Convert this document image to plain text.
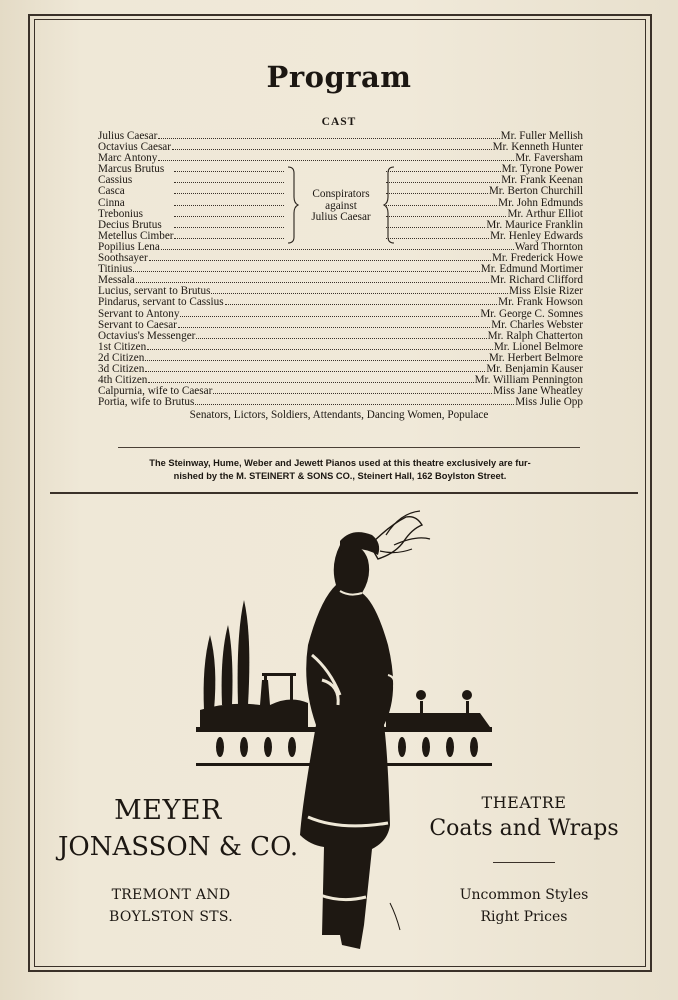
Program
CAST
Julius Caesar	Mr. Fuller Mellish
Octavius Caesar	Mr. Kenneth Hunter
Marc Antony	Mr. Faversham
Marcus Brutus	Mr. Tyrone Power
Cassius	Mr. Frank Keenan
Casca	Mr. Berton Churchill
Cinna	Mr. John Edmunds
Trebonius	Mr. Arthur Elliot
Decius Brutus	Mr. Maurice Franklin
Metellus Cimber	Mr. Henley Edwards
Popilius Lena	Ward Thornton
Soothsayer	Mr. Frederick Howe
Titinius	Mr. Edmund Mortimer
Messala	Mr. Richard Clifford
Lucius, servant to Brutus	Miss Elsie Rizer
Pindarus, servant to Cassius	Mr. Frank Howson
Servant to Antony	Mr. George C. Somnes
Servant to Caesar	Mr. Charles Webster
Octavius's Messenger	Mr. Ralph Chatterton
1st Citizen	Mr. Lionel Belmore
2d Citizen	Mr. Herbert Belmore
3d Citizen	Mr. Benjamin Kauser
4th Citizen	Mr. William Pennington
Calpurnia, wife to Caesar	Miss Jane Wheatley
Portia, wife to Brutus	Miss Julie Opp
Conspirators
against
Julius Caesar
Senators, Lictors, Soldiers, Attendants, Dancing Women, Populace
The Steinway, Hume, Weber and Jewett Pianos used at this theatre exclusively are fur-
nished by the M. STEINERT & SONS CO., Steinert Hall, 162 Boylston Street.
MEYER
JONASSON & CO.
TREMONT AND
BOYLSTON STS.
THEATRE
Coats and Wraps
Uncommon Styles
Right Prices
